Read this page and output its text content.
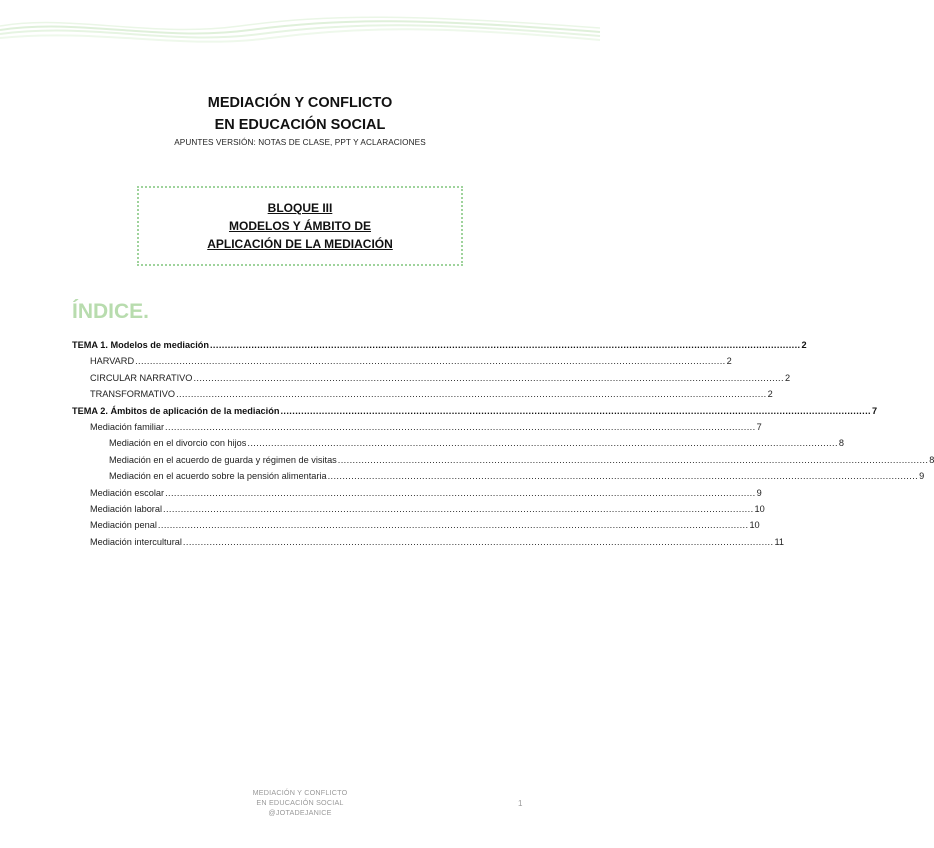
MEDIACIÓN Y CONFLICTO
EN EDUCACIÓN SOCIAL
APUNTES VERSIÓN: NOTAS DE CLASE, PPT Y ACLARACIONES
BLOQUE III
MODELOS Y ÁMBITO DE
APLICACIÓN DE LA MEDIACIÓN
ÍNDICE.
TEMA 1. Modelos de mediación ........................................................................................................................................................................................................ 2
HARVARD ........................................................................................................................................................................................................ 2
CIRCULAR NARRATIVO ........................................................................................................................................................................................................ 2
TRANSFORMATIVO ........................................................................................................................................................................................................ 2
TEMA 2. Ámbitos de aplicación de la mediación ........................................................................................................................................................................................................ 7
Mediación familiar ........................................................................................................................................................................................................ 7
Mediación en el divorcio con hijos ........................................................................................................................................................................................................ 8
Mediación en el acuerdo de guarda y régimen de visitas ........................................................................................................................................................................................................ 8
Mediación en el acuerdo sobre la pensión alimentaria ........................................................................................................................................................................................................ 9
Mediación escolar ........................................................................................................................................................................................................ 9
Mediación laboral ........................................................................................................................................................................................................ 10
Mediación penal ........................................................................................................................................................................................................ 10
Mediación intercultural ........................................................................................................................................................................................................ 11
MEDIACIÓN Y CONFLICTO
EN EDUCACIÓN SOCIAL
@JOTADEJANICE
1
